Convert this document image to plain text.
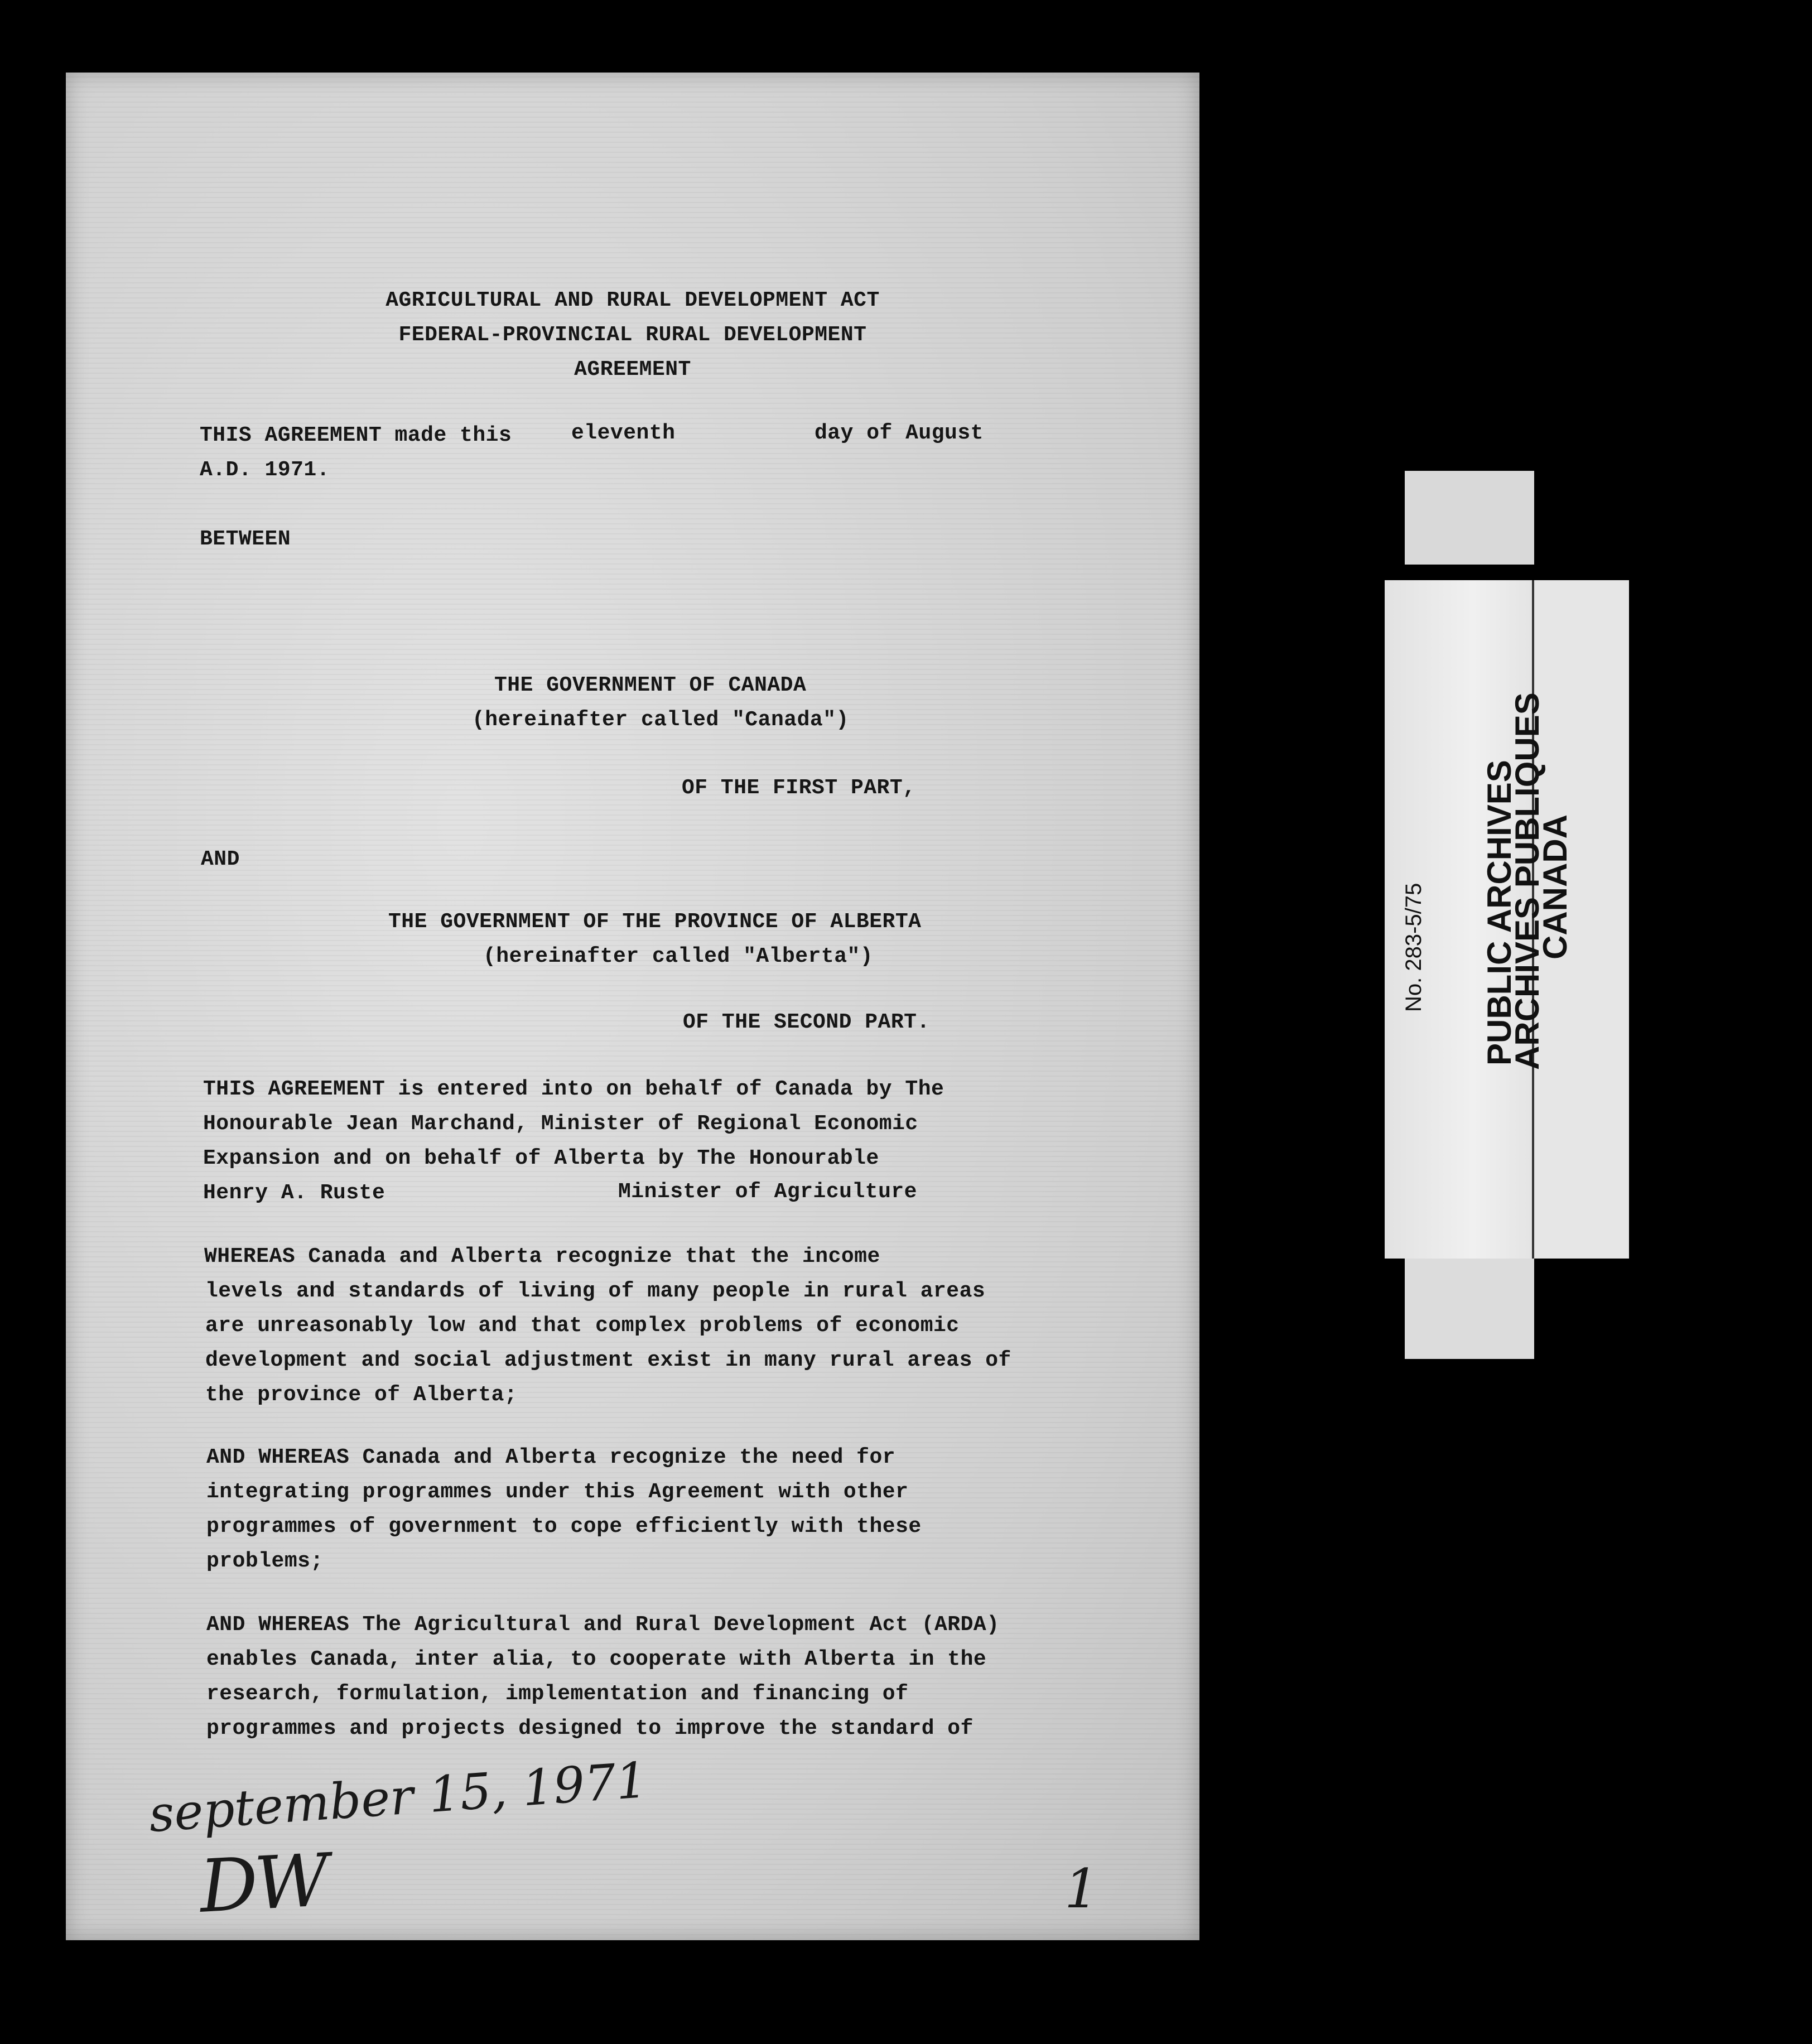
AGRICULTURAL AND RURAL DEVELOPMENT ACT

FEDERAL-PROVINCIAL RURAL DEVELOPMENT

AGREEMENT

THIS AGREEMENT made this	eleventh	day of August

A.D. 1971.

BETWEEN

THE GOVERNMENT OF CANADA

(hereinafter called "Canada")

OF THE FIRST PART,

AND

THE GOVERNMENT OF THE PROVINCE OF ALBERTA

(hereinafter called "Alberta")

OF THE SECOND PART.

THIS AGREEMENT is entered into on behalf of Canada by The

Honourable Jean Marchand, Minister of Regional Economic

Expansion and on behalf of Alberta by The Honourable

Henry A. Ruste	Minister of Agriculture

WHEREAS Canada and Alberta recognize that the income

levels and standards of living of many people in rural areas

are unreasonably low and that complex problems of economic

development and social adjustment exist in many rural areas of

the province of Alberta;

AND WHEREAS Canada and Alberta recognize the need for

integrating programmes under this Agreement with other

programmes of government to cope efficiently with these

problems;

AND WHEREAS The Agricultural and Rural Development Act (ARDA)

enables Canada, inter alia, to cooperate with Alberta in the

research, formulation, implementation and financing of

programmes and projects designed to improve the standard of

september 15, 1971

DW	1

No. 283-5/75 PUBLIC ARCHIVES
ARCHIVES PUBLIQUES
CANADA
